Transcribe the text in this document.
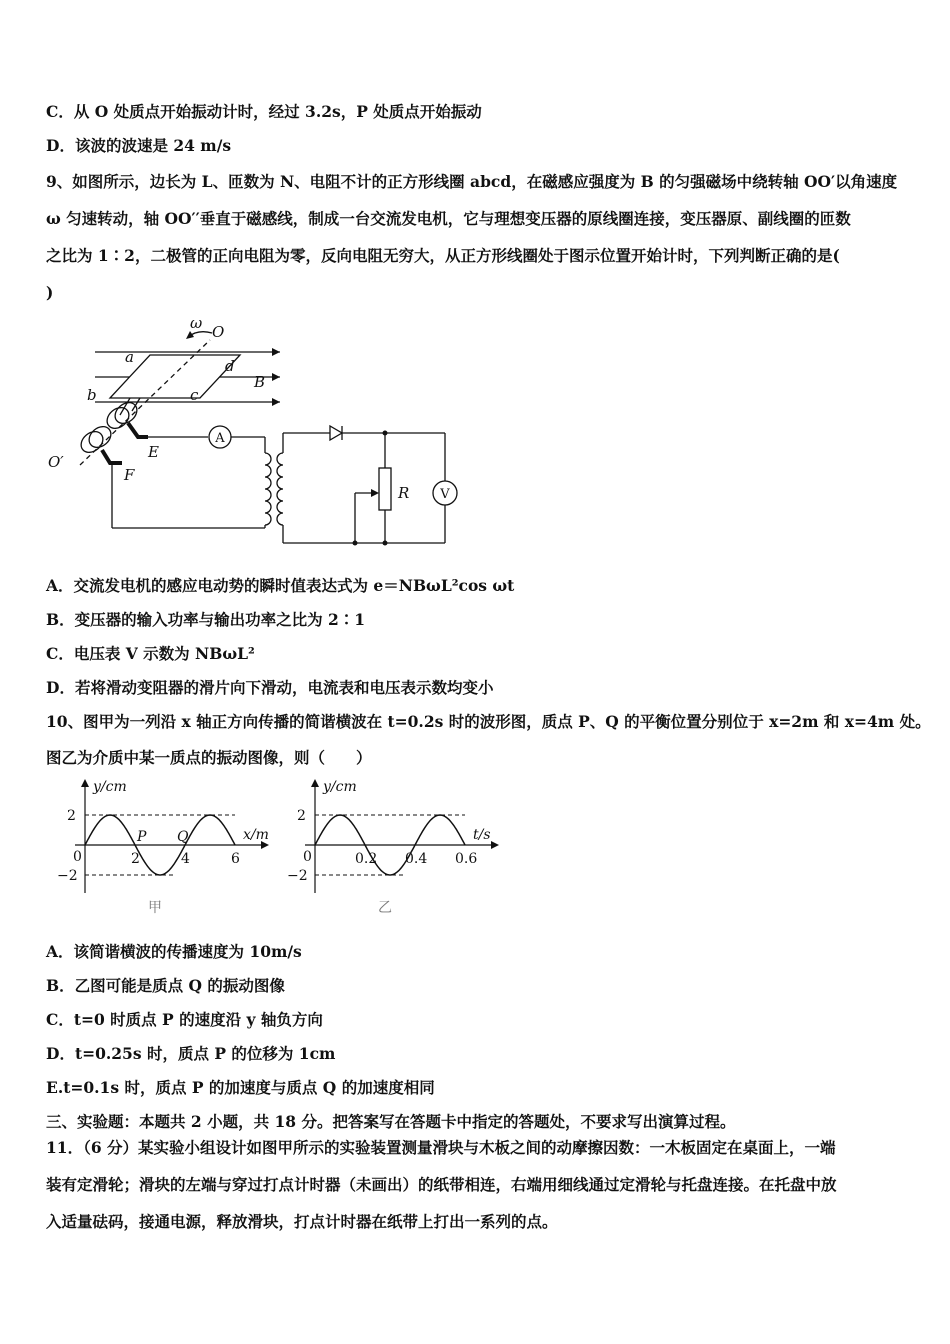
C．从 O 处质点开始振动计时，经过 3.2s，P 处质点开始振动
D．该波的波速是 24 m/s
9、如图所示，边长为 L、匝数为 N、电阻不计的正方形线圈 abcd，在磁感应强度为 B 的匀强磁场中绕转轴 OO′以角速度
ω 匀速转动，轴 OO′′垂直于磁感线，制成一台交流发电机，它与理想变压器的原线圈连接，变压器原、副线圈的匝数
之比为 1∶2，二极管的正向电阻为零，反向电阻无穷大，从正方形线圈处于图示位置开始计时，下列判断正确的是(
)
ω O
a	d
B
b	c
O′
E
F
R
A
V
A．交流发电机的感应电动势的瞬时值表达式为 e＝NBωL²cos ωt
B．变压器的输入功率与输出功率之比为 2∶1
C．电压表 V 示数为 NBωL²
D．若将滑动变阻器的滑片向下滑动，电流表和电压表示数均变小
10、图甲为一列沿 x 轴正方向传播的简谐横波在 t=0.2s 时的波形图，质点 P、Q 的平衡位置分别位于 x=2m 和 x=4m 处。
图乙为介质中某一质点的振动图像，则（　　）
2	4	6
2
−2
0
y/cm
x/m
P Q
甲
0.2 0.4 0.6
2
−2
0
y/cm
t/s
乙
A．该简谐横波的传播速度为 10m/s
B．乙图可能是质点 Q 的振动图像
C．t=0 时质点 P 的速度沿 y 轴负方向
D．t=0.25s 时，质点 P 的位移为 1cm
E.t=0.1s 时，质点 P 的加速度与质点 Q 的加速度相同
三、实验题：本题共 2 小题，共 18 分。把答案写在答题卡中指定的答题处，不要求写出演算过程。
11．（6 分）某实验小组设计如图甲所示的实验装置测量滑块与木板之间的动摩擦因数：一木板固定在桌面上，一端
装有定滑轮；滑块的左端与穿过打点计时器（未画出）的纸带相连，右端用细线通过定滑轮与托盘连接。在托盘中放
入适量砝码，接通电源，释放滑块，打点计时器在纸带上打出一系列的点。
